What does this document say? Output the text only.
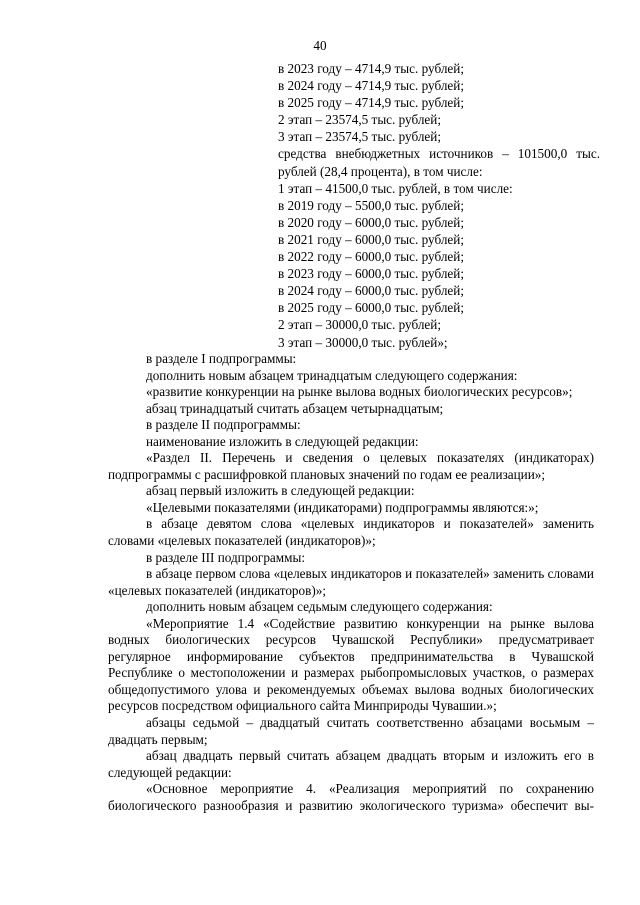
40
в 2023 году – 4714,9 тыс. рублей;
в 2024 году – 4714,9 тыс. рублей;
в 2025 году – 4714,9 тыс. рублей;
2 этап – 23574,5 тыс. рублей;
3 этап – 23574,5 тыс. рублей;
средства внебюджетных источников – 101500,0 тыс.
рублей (28,4 процента), в том числе:
1 этап – 41500,0 тыс. рублей, в том числе:
в 2019 году – 5500,0 тыс. рублей;
в 2020 году – 6000,0 тыс. рублей;
в 2021 году – 6000,0 тыс. рублей;
в 2022 году – 6000,0 тыс. рублей;
в 2023 году – 6000,0 тыс. рублей;
в 2024 году – 6000,0 тыс. рублей;
в 2025 году – 6000,0 тыс. рублей;
2 этап – 30000,0 тыс. рублей;
3 этап – 30000,0 тыс. рублей»;
в разделе I подпрограммы:
дополнить новым абзацем тринадцатым следующего содержания:
«развитие конкуренции на рынке вылова водных биологических ресурсов»;
абзац тринадцатый считать абзацем четырнадцатым;
в разделе II подпрограммы:
наименование изложить в следующей редакции:
«Раздел II. Перечень и сведения о целевых показателях (индикаторах) подпрограммы с расшифровкой плановых значений по годам ее реализации»;
абзац первый изложить в следующей редакции:
«Целевыми показателями (индикаторами) подпрограммы являются:»;
в абзаце девятом слова «целевых индикаторов и показателей» заменить словами «целевых показателей (индикаторов)»;
в разделе III подпрограммы:
в абзаце первом слова «целевых индикаторов и показателей» заменить словами «целевых показателей (индикаторов)»;
дополнить новым абзацем седьмым следующего содержания:
«Мероприятие 1.4 «Содействие развитию конкуренции на рынке вылова водных биологических ресурсов Чувашской Республики» предусматривает регулярное информирование субъектов предпринимательства в Чувашской Республике о местоположении и размерах рыбопромысловых участков, о размерах общедопустимого улова и рекомендуемых объемах вылова водных биологических ресурсов посредством официального сайта Минприроды Чувашии.»;
абзацы седьмой – двадцатый считать соответственно абзацами восьмым – двадцать первым;
абзац двадцать первый считать абзацем двадцать вторым и изложить его в следующей редакции:
«Основное мероприятие 4. «Реализация мероприятий по сохранению биологического разнообразия и развитию экологического туризма» обеспечит вы-
